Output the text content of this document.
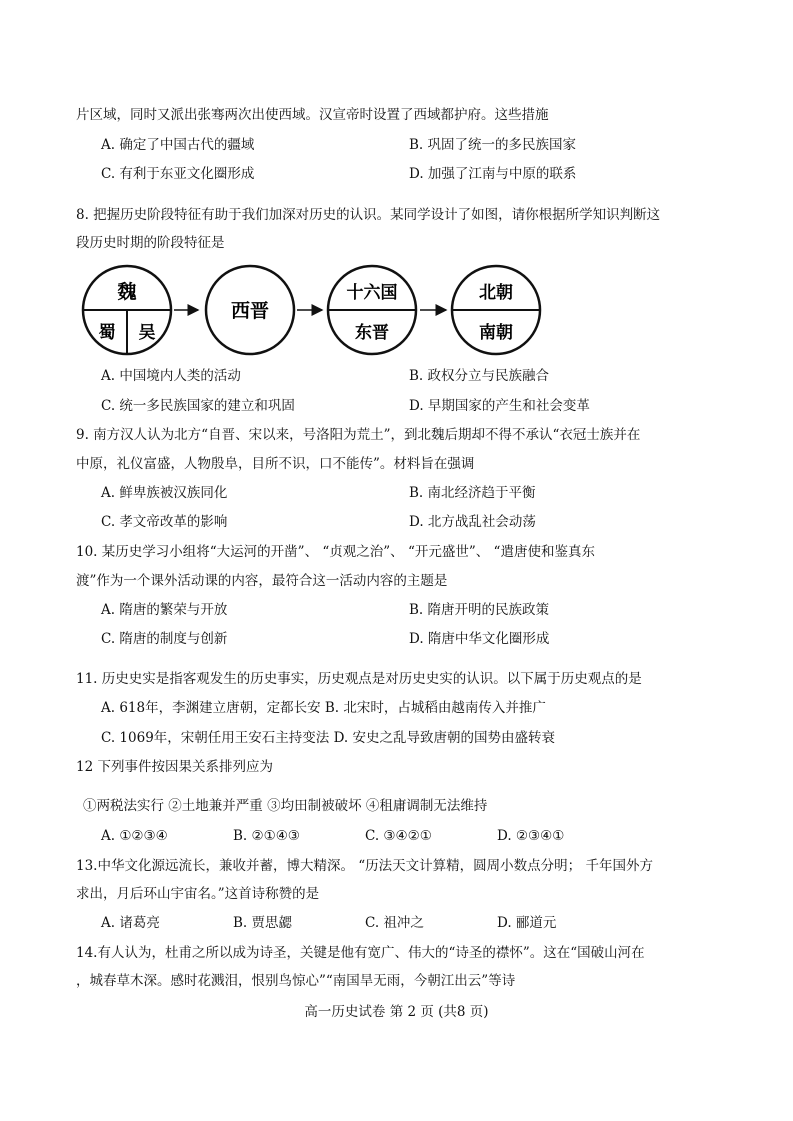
片区域，同时又派出张骞两次出使西域。汉宣帝时设置了西域都护府。这些措施
A. 确定了中国古代的疆域	B. 巩固了统一的多民族国家
C. 有利于东亚文化圈形成	D. 加强了江南与中原的联系
8. 把握历史阶段特征有助于我们加深对历史的认识。某同学设计了如图，请你根据所学知识判断这
段历史时期的阶段特征是
魏
蜀 吴
西晋
十六国
东晋
北朝
南朝
A. 中国境内人类的活动	B. 政权分立与民族融合
C. 统一多民族国家的建立和巩固	D. 早期国家的产生和社会变革
9. 南方汉人认为北方“自晋、宋以来，号洛阳为荒土”，到北魏后期却不得不承认“衣冠士族并在
中原，礼仪富盛，人物殷阜，目所不识，口不能传”。材料旨在强调
A. 鲜卑族被汉族同化	B. 南北经济趋于平衡
C. 孝文帝改革的影响	D. 北方战乱社会动荡
10. 某历史学习小组将“大运河的开凿”、 “贞观之治”、 “开元盛世”、 “遣唐使和鉴真东
渡”作为一个课外活动课的内容，最符合这一活动内容的主题是
A. 隋唐的繁荣与开放	B. 隋唐开明的民族政策
C. 隋唐的制度与创新	D. 隋唐中华文化圈形成
11. 历史史实是指客观发生的历史事实，历史观点是对历史史实的认识。以下属于历史观点的是
A. 618年，李渊建立唐朝，定都长安 B. 北宋时，占城稻由越南传入并推广
C. 1069年，宋朝任用王安石主持变法 D. 安史之乱导致唐朝的国势由盛转衰
12 下列事件按因果关系排列应为
①两税法实行 ②土地兼并严重 ③均田制被破坏 ④租庸调制无法维持
A. ①②③④	B. ②①④③	C. ③④②①	D. ②③④①
13.中华文化源远流长，兼收并蓄，博大精深。 “历法天文计算精，圆周小数点分明； 千年国外方
求出，月后环山宇宙名。”这首诗称赞的是
A. 诸葛亮	B. 贾思勰	C. 祖冲之	D. 郦道元
14.有人认为，杜甫之所以成为诗圣，关键是他有宽广、伟大的“诗圣的襟怀”。这在“国破山河在
，城春草木深。感时花溅泪，恨别鸟惊心”“南国旱无雨，今朝江出云”等诗
高一历史试卷 第 2 页 (共8 页)
